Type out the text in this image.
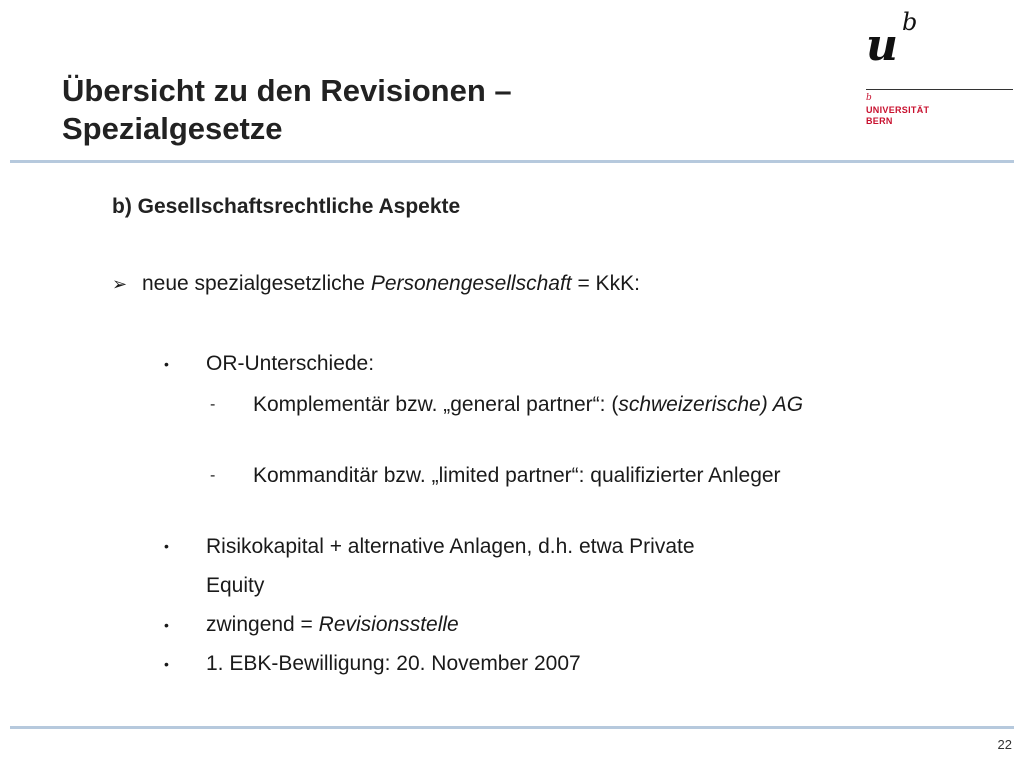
Übersicht zu den Revisionen –
Spezialgesetze
u b
b
UNIVERSITÄT
BERN
b) Gesellschaftsrechtliche Aspekte
➢ neue spezialgesetzliche Personengesellschaft = KkK:
• OR-Unterschiede:
-	Komplementär bzw. „general partner“: (schweizerische) AG
-	Kommanditär bzw. „limited partner“: qualifizierter Anleger
• Risikokapital + alternative Anlagen, d.h. etwa Private
Equity
• zwingend = Revisionsstelle
• 1. EBK-Bewilligung: 20. November 2007
22
